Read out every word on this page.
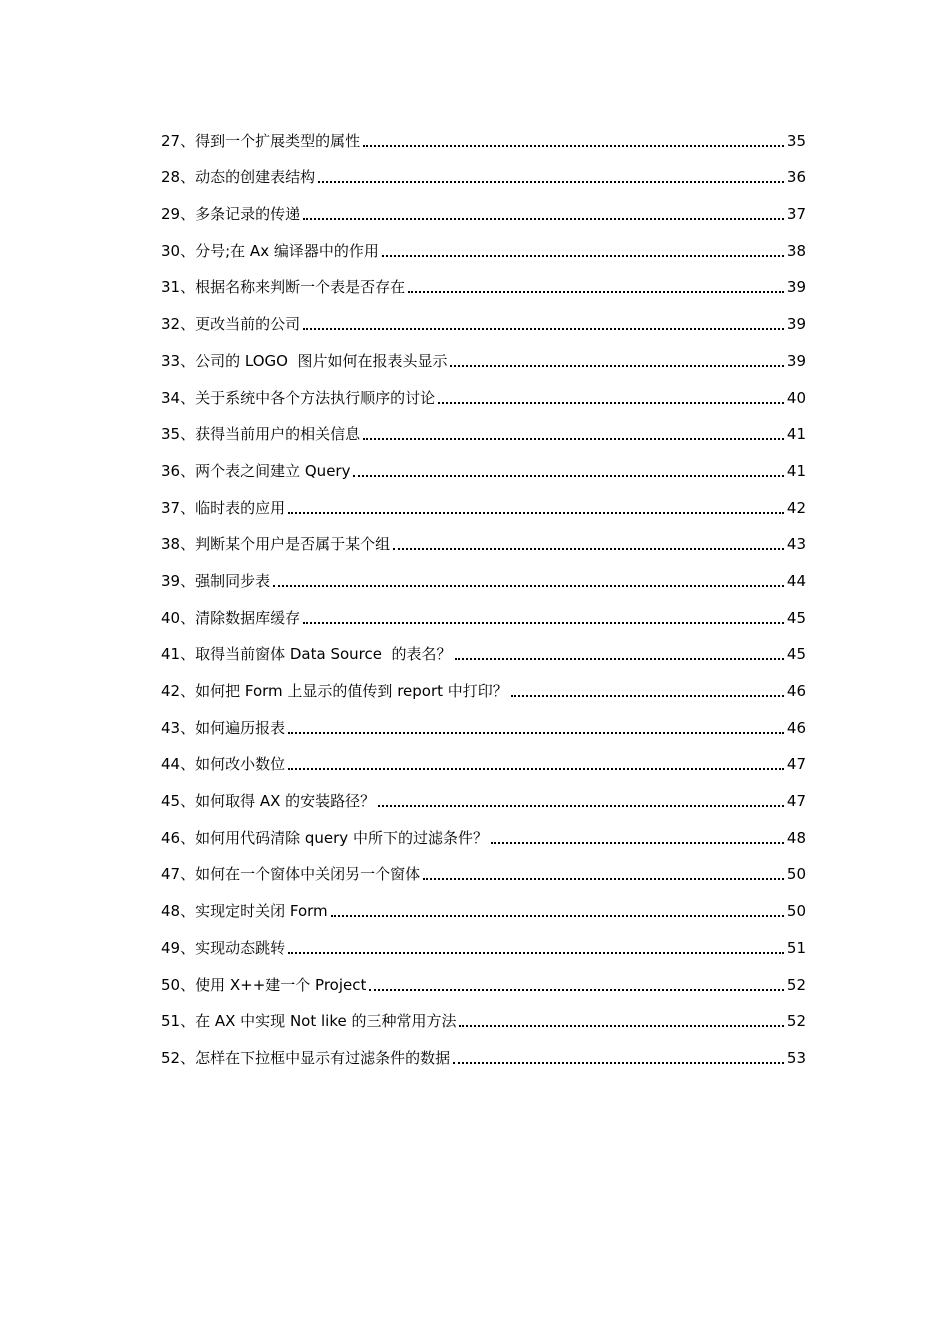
27 、 得到一个扩展类型的属性	35
28 、 动态的创建表结构	36
29 、 多条记录的传递	37
30 、 分号;在 Ax 编译器中的作用	38
31 、 根据名称来判断一个表是否存在	39
32 、 更改当前的公司	39
33 、 公司的 LOGO  图片如何在报表头显示	39
34 、 关于系统中各个方法执行顺序的讨论	40
35 、 获得当前用户的相关信息	41
36 、 两个表之间建立 Query	41
37 、 临时表的应用	42
38 、 判断某个用户是否属于某个组	43
39 、 强制同步表	44
40 、 清除数据库缓存	45
41 、 取得当前窗体 Data Source  的表名？	45
42 、 如何把 Form 上显示的值传到 report 中打印？	46
43 、 如何遍历报表	46
44 、 如何改小数位	47
45 、 如何取得 AX 的安装路径？	47
46 、 如何用代码清除 query 中所下的过滤条件？	48
47 、 如何在一个窗体中关闭另一个窗体	50
48 、 实现定时关闭 Form	50
49 、 实现动态跳转	51
50 、 使用 X++建一个 Project	52
51 、 在 AX 中实现 Not like 的三种常用方法	52
52 、 怎样在下拉框中显示有过滤条件的数据	53
